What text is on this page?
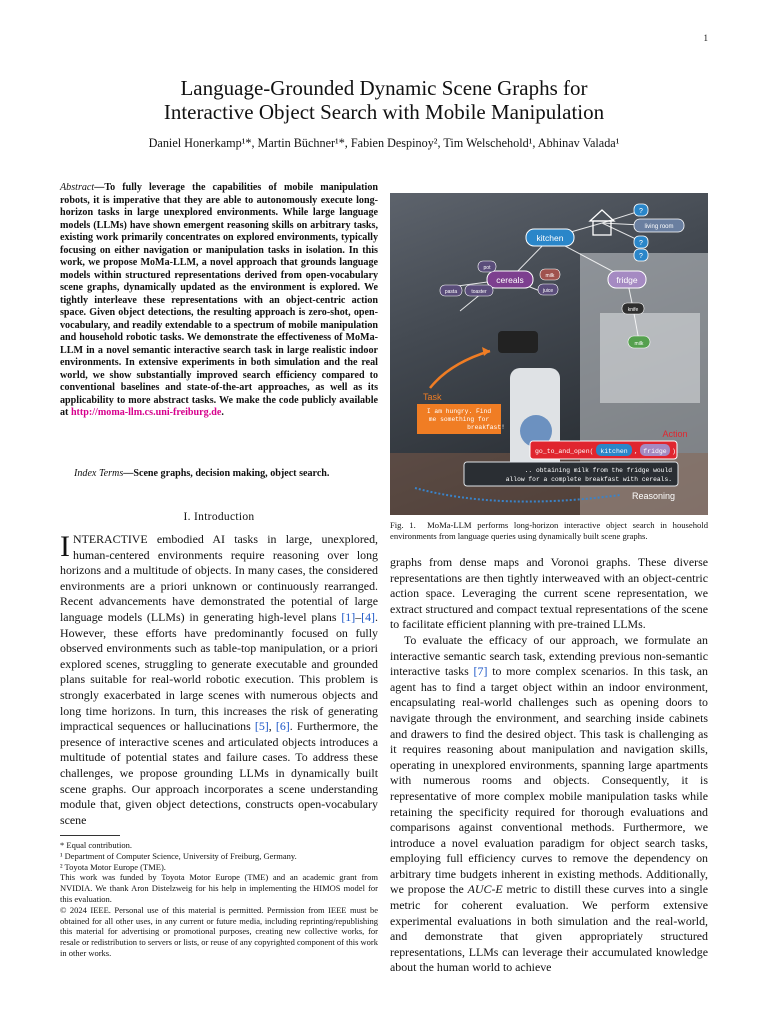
1
Language-Grounded Dynamic Scene Graphs for
Interactive Object Search with Mobile Manipulation
Daniel Honerkamp¹*, Martin Büchner¹*, Fabien Despinoy², Tim Welschehold¹, Abhinav Valada¹
Abstract—To fully leverage the capabilities of mobile manipulation robots, it is imperative that they are able to autonomously execute long-horizon tasks in large unexplored environments. While large language models (LLMs) have shown emergent reasoning skills on arbitrary tasks, existing work primarily concentrates on explored environments, typically focusing on either navigation or manipulation tasks in isolation. In this work, we propose MoMa-LLM, a novel approach that grounds language models within structured representations derived from open-vocabulary scene graphs, dynamically updated as the environment is explored. We tightly interleave these representations with an object-centric action space. Given object detections, the resulting approach is zero-shot, open-vocabulary, and readily extendable to a spectrum of mobile manipulation and household robotic tasks. We demonstrate the effectiveness of MoMa-LLM in a novel semantic interactive search task in large realistic indoor environments. In extensive experiments in both simulation and the real world, we show substantially improved search efficiency compared to conventional baselines and state-of-the-art approaches, as well as its applicability to more abstract tasks. We make the code publicly available at http://moma-llm.cs.uni-freiburg.de.
Index Terms—Scene graphs, decision making, object search.
I. Introduction
INTERACTIVE embodied AI tasks in large, unexplored, human-centered environments require reasoning over long horizons and a multitude of objects. In many cases, the considered environments are a priori unknown or continuously rearranged. Recent advancements have demonstrated the potential of large language models (LLMs) in generating high-level plans [1]–[4]. However, these efforts have predominantly focused on fully observed environments such as table-top manipulation, or a priori explored scenes, struggling to generate executable and grounded plans suitable for real-world robotic execution. This problem is strongly exacerbated in large scenes with numerous objects and long time horizons. In turn, this increases the risk of generating impractical sequences or hallucinations [5], [6]. Furthermore, the presence of interactive scenes and articulated objects introduces a multitude of potential states and failure cases. To address these challenges, we propose grounding LLMs in dynamically built scene graphs. Our approach incorporates a scene understanding module that, given object detections, constructs open-vocabulary scene
* Equal contribution.
¹ Department of Computer Science, University of Freiburg, Germany.
² Toyota Motor Europe (TME).
This work was funded by Toyota Motor Europe (TME) and an academic grant from NVIDIA. We thank Aron Distelzweig for his help in implementing the HIMOS model for this evaluation.
© 2024 IEEE. Personal use of this material is permitted. Permission from IEEE must be obtained for all other uses, in any current or future media, including reprinting/republishing this material for advertising or promotional purposes, creating new collective works, for resale or redistribution to servers or lists, or reuse of any copyrighted component of this work in other works.
kitchen
cereals	fridge
living room
?
?
?
pot
pasta	toaster
milk
juice
knife
milk
Task
I am hungry. Find
me something for
breakfast!
Action
go_to_and_open( kitchen , fridge )
.. obtaining milk from the fridge would
allow for a complete breakfast with cereals.
Reasoning
Fig. 1. MoMa-LLM performs long-horizon interactive object search in household environments from language queries using dynamically built scene graphs.

graphs from dense maps and Voronoi graphs. These diverse representations are then tightly interweaved with an object-centric action space. Leveraging the current scene representation, we extract structured and compact textual representations of the scene to facilitate efficient planning with pre-trained LLMs.

To evaluate the efficacy of our approach, we formulate an interactive semantic search task, extending previous non-semantic interactive tasks [7] to more complex scenarios. In this task, an agent has to find a target object within an indoor environment, encapsulating real-world challenges such as opening doors to navigate through the environment, and searching inside cabinets and drawers to find the desired object. This task is challenging as it requires reasoning about manipulation and navigation skills, operating in unexplored environments, spanning large apartments with numerous rooms and objects. Consequently, it is representative of more complex mobile manipulation tasks while retaining the specificity required for thorough evaluations and comparisons against conventional methods. Furthermore, we introduce a novel evaluation paradigm for object search tasks, employing full efficiency curves to remove the dependency on arbitrary time budgets inherent in existing methods. Additionally, we propose the AUC-E metric to distill these curves into a single metric for coherent evaluation. We perform extensive experimental evaluations in both simulation and the real-world, and demonstrate that given appropriately structured representations, LLMs can leverage their accumulated knowledge about the human world to achieve
